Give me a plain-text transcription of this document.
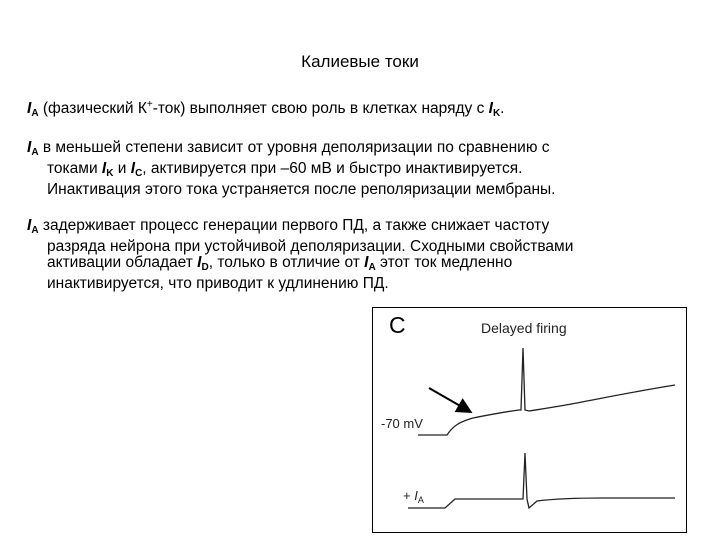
Калиевые токи
$I_A$ (фазический К+-ток) выполняет свою роль в клетках наряду с $I_K$.
$I_A$ в меньшей степени зависит от уровня деполяризации по сравнению с
токами $I_K$ и $I_C$, активируется при –60 мВ и быстро инактивируется.
Инактивация этого тока устраняется после реполяризации мембраны.
$I_A$ задерживает процесс генерации первого ПД, а также снижает частоту
разряда нейрона при устойчивой деполяризации. Сходными свойствами
активации обладает $I_D$, только в отличие от $I_A$ этот ток медленно
инактивируется, что приводит к удлинению ПД.
C	Delayed firing
-70 mV
+ $I_A$
